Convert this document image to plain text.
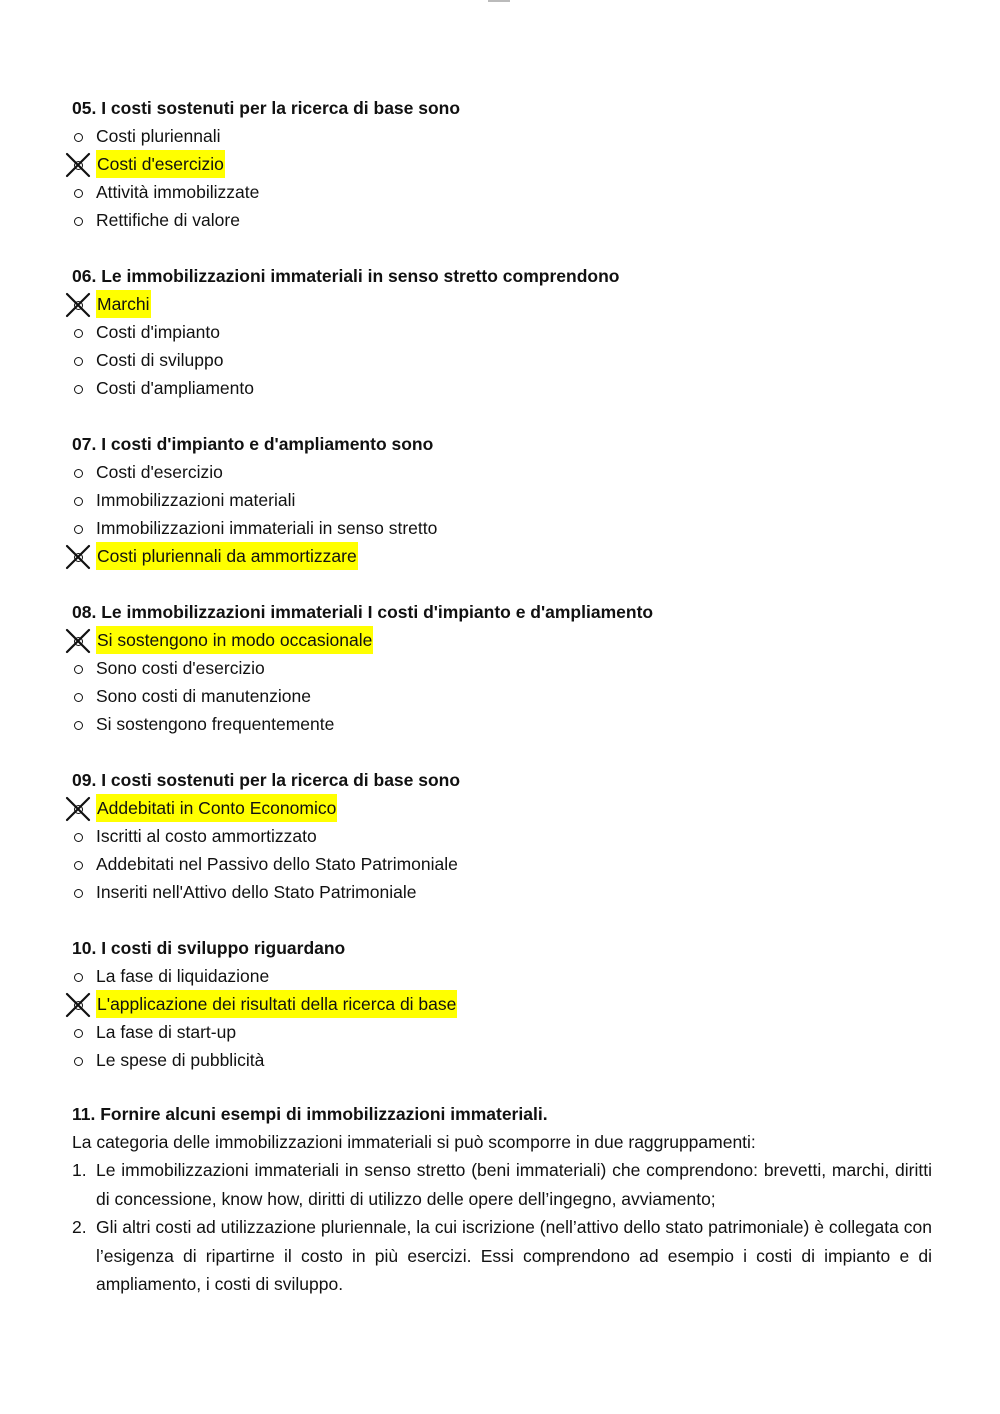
05. I costi sostenuti per la ricerca di base sono
Costi pluriennali
Costi d'esercizio
Attività immobilizzate
Rettifiche di valore
06. Le immobilizzazioni immateriali in senso stretto comprendono
Marchi
Costi d'impianto
Costi di sviluppo
Costi d'ampliamento
07. I costi d'impianto e d'ampliamento sono
Costi d'esercizio
Immobilizzazioni materiali
Immobilizzazioni immateriali in senso stretto
Costi pluriennali da ammortizzare
08. Le immobilizzazioni immateriali I costi d'impianto e d'ampliamento
Si sostengono in modo occasionale
Sono costi d'esercizio
Sono costi di manutenzione
Si sostengono frequentemente
09. I costi sostenuti per la ricerca di base sono
Addebitati in Conto Economico
Iscritti al costo ammortizzato
Addebitati nel Passivo dello Stato Patrimoniale
Inseriti nell'Attivo dello Stato Patrimoniale
10. I costi di sviluppo riguardano
La fase di liquidazione
L'applicazione dei risultati della ricerca di base
La fase di start-up
Le spese di pubblicità
11. Fornire alcuni esempi di immobilizzazioni immateriali.
La categoria delle immobilizzazioni immateriali si può scomporre in due raggruppamenti:
1. Le immobilizzazioni immateriali in senso stretto (beni immateriali) che comprendono: brevetti, marchi, diritti di concessione, know how, diritti di utilizzo delle opere dell’ingegno, avviamento;
2. Gli altri costi ad utilizzazione pluriennale, la cui iscrizione (nell’attivo dello stato patrimoniale) è collegata con l’esigenza di ripartirne il costo in più esercizi. Essi comprendono ad esempio i costi di impianto e di ampliamento, i costi di sviluppo.
